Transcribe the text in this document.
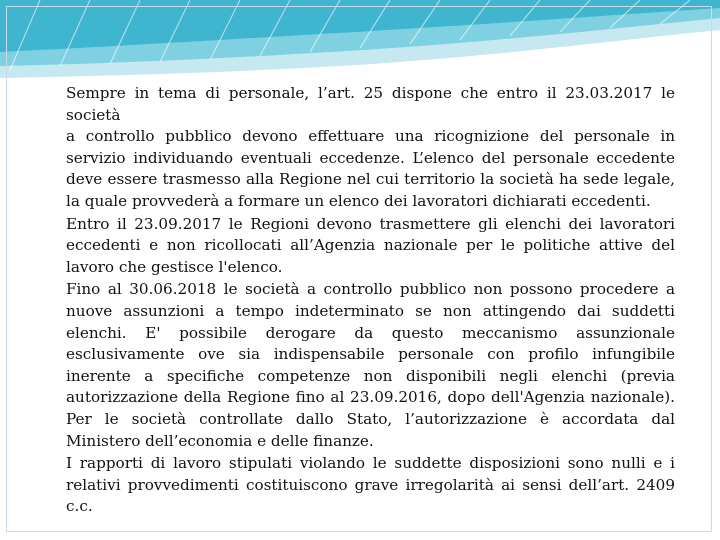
Sempre in tema di personale, l’art. 25 dispone che entro il 23.03.2017 le società
a controllo pubblico devono effettuare una ricognizione del personale in
servizio individuando eventuali eccedenze. L’elenco del personale eccedente
deve essere trasmesso alla Regione nel cui territorio la società ha sede legale,
la quale provvederà a formare un elenco dei lavoratori dichiarati eccedenti.

Entro il 23.09.2017 le Regioni devono trasmettere gli elenchi dei lavoratori
eccedenti e non ricollocati all’Agenzia nazionale per le politiche attive del
lavoro che gestisce l'elenco.

Fino al 30.06.2018 le società a controllo pubblico non possono procedere a
nuove assunzioni a tempo indeterminato se non attingendo dai suddetti
elenchi. E' possibile derogare da questo meccanismo assunzionale
esclusivamente ove sia indispensabile personale con profilo infungibile
inerente a specifiche competenze non disponibili negli elenchi (previa
autorizzazione della Regione fino al 23.09.2016, dopo dell'Agenzia nazionale).
Per le società controllate dallo Stato, l’autorizzazione è accordata dal
Ministero dell’economia e delle finanze.

I rapporti di lavoro stipulati violando le suddette disposizioni sono nulli e i
relativi provvedimenti costituiscono grave irregolarità ai sensi dell’art. 2409 c.c.
